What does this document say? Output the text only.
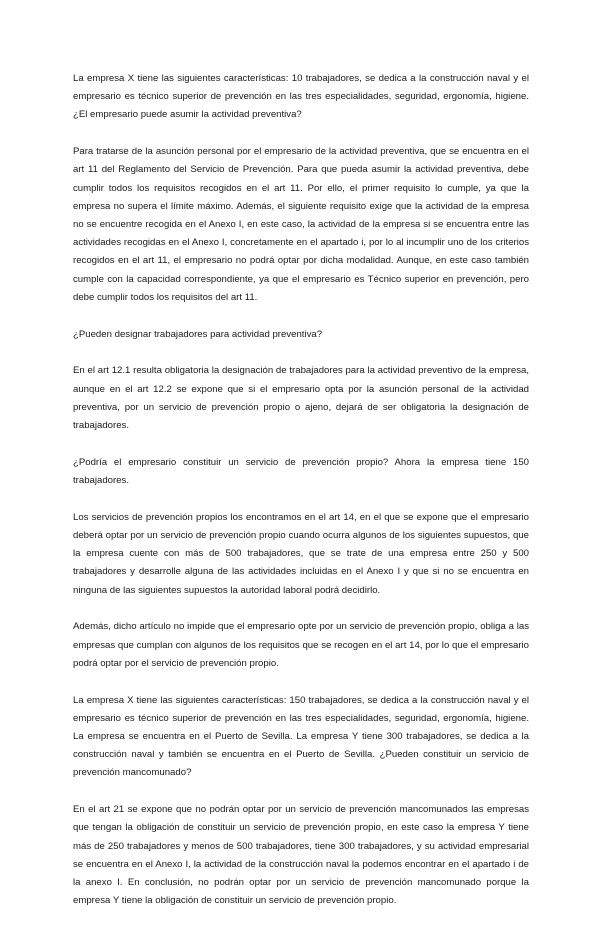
La empresa X tiene las siguientes características: 10 trabajadores, se dedica a la construcción naval y el empresario es técnico superior de prevención en las tres especialidades, seguridad, ergonomía, higiene. ¿El empresario puede asumir la actividad preventiva?

Para tratarse de la asunción personal por el empresario de la actividad preventiva, que se encuentra en el art 11 del Reglamento del Servicio de Prevención. Para que pueda asumir la actividad preventiva, debe cumplir todos los requisitos recogidos en el art 11. Por ello, el primer requisito lo cumple, ya que la empresa no supera el límite máximo. Además, el siguiente requisito exige que la actividad de la empresa no se encuentre recogida en el Anexo I, en este caso, la actividad de la empresa si se encuentra entre las actividades recogidas en el Anexo I, concretamente en el apartado i, por lo al incumplir uno de los criterios recogidos en el art 11, el empresario no podrá optar por dicha modalidad. Aunque, en este caso también cumple con la capacidad correspondiente, ya que el empresario es Técnico superior en prevención, pero debe cumplir todos los requisitos del art 11.

¿Pueden designar trabajadores para actividad preventiva?

En el art 12.1 resulta obligatoria la designación de trabajadores para la actividad preventivo de la empresa, aunque en el art 12.2 se expone que si el empresario opta por la asunción personal de la actividad preventiva, por un servicio de prevención propio o ajeno, dejará de ser obligatoria la designación de trabajadores.

¿Podría el empresario constituir un servicio de prevención propio? Ahora la empresa tiene 150 trabajadores.

Los servicios de prevención propios los encontramos en el art 14, en el que se expone que el empresario deberá optar por un servicio de prevención propio cuando ocurra algunos de los siguientes supuestos, que la empresa cuente con más de 500 trabajadores, que se trate de una empresa entre 250 y 500 trabajadores y desarrolle alguna de las actividades incluidas en el Anexo I y que si no se encuentra en ninguna de las siguientes supuestos la autoridad laboral podrá decidirlo.

Además, dicho artículo no impide que el empresario opte por un servicio de prevención propio, obliga a las empresas que cumplan con algunos de los requisitos que se recogen en el art 14, por lo que el empresario podrá optar por el servicio de prevención propio.

La empresa X tiene las siguientes características: 150 trabajadores, se dedica a la construcción naval y el empresario es técnico superior de prevención en las tres especialidades, seguridad, ergonomía, higiene. La empresa se encuentra en el Puerto de Sevilla. La empresa Y tiene 300 trabajadores, se dedica a la construcción naval y también se encuentra en el Puerto de Sevilla. ¿Pueden constituir un servicio de prevención mancomunado?

En el art 21 se expone que no podrán optar por un servicio de prevención mancomunados las empresas que tengan la obligación de constituir un servicio de prevención propio, en este caso la empresa Y tiene más de 250 trabajadores y menos de 500 trabajadores, tiene 300 trabajadores, y su actividad empresarial se encuentra en el Anexo I, la actividad de la construcción naval la podemos encontrar en el apartado i de la anexo I. En conclusión, no podrán optar por un servicio de prevención mancomunado porque la empresa Y tiene la obligación de constituir un servicio de prevención propio.
